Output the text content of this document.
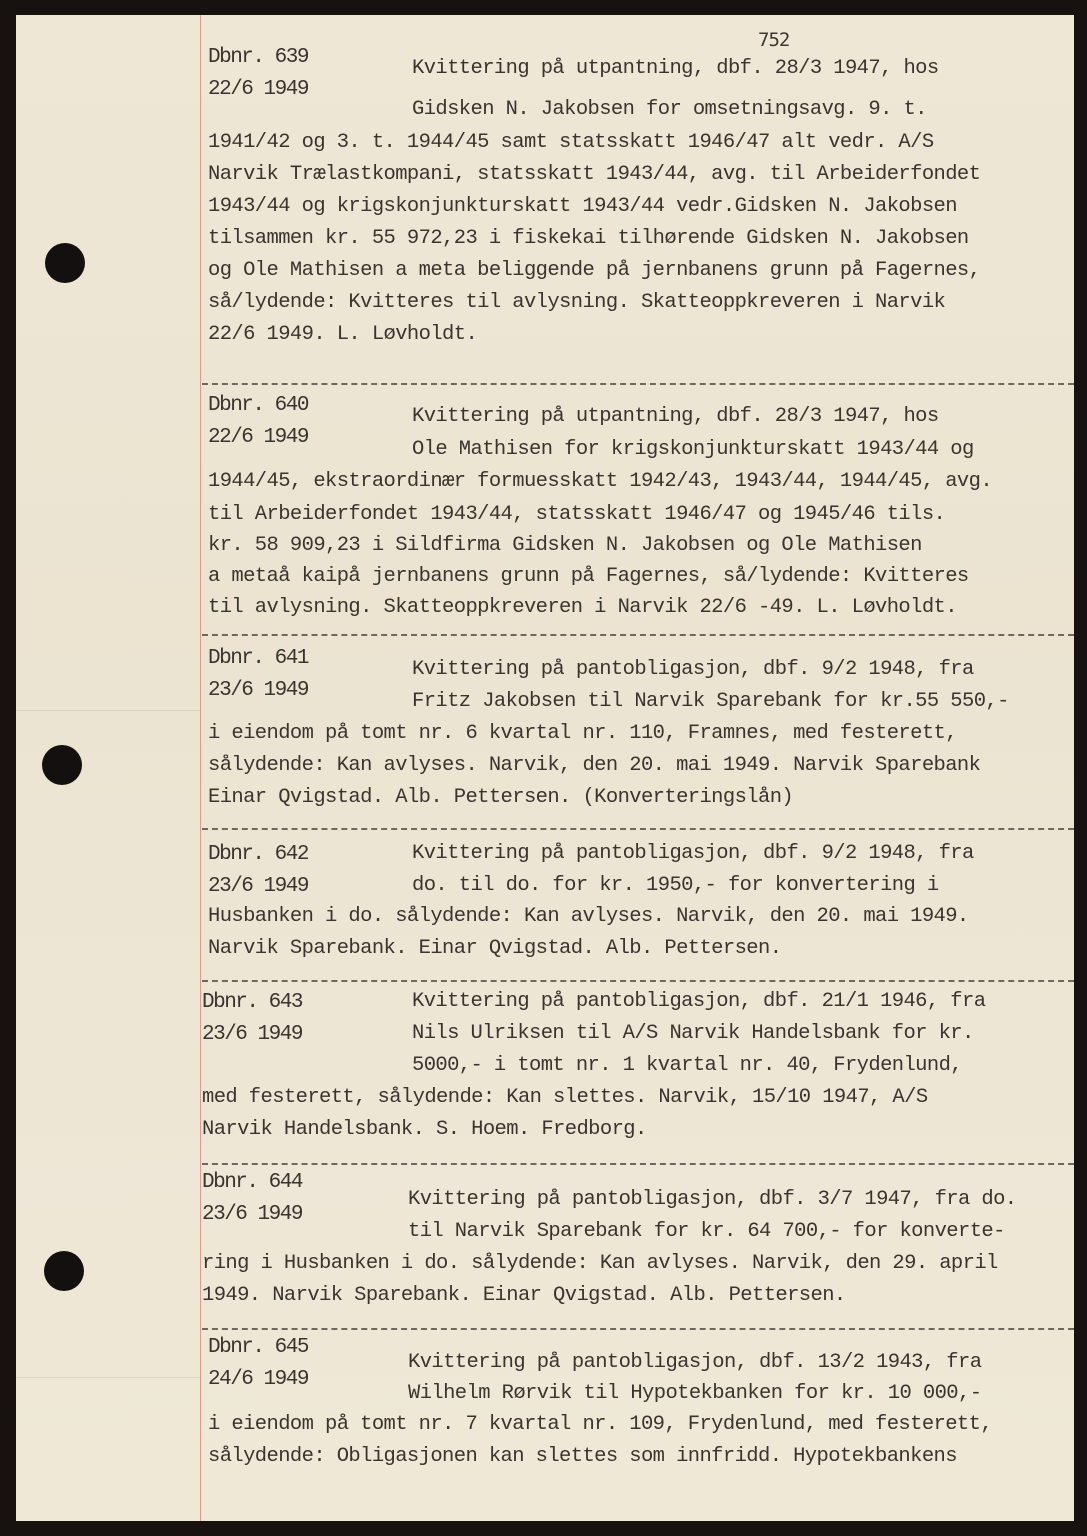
752
Dbnr. 639
22/6 1949
Kvittering på utpantning, dbf. 28/3 1947, hos
Gidsken N. Jakobsen for omsetningsavg. 9. t.
1941/42 og 3. t. 1944/45 samt statsskatt 1946/47 alt vedr. A/S
Narvik Trælastkompani, statsskatt 1943/44, avg. til Arbeiderfondet
1943/44 og krigskonjunkturskatt 1943/44 vedr.Gidsken N. Jakobsen
tilsammen kr. 55 972,23 i fiskekai tilhørende Gidsken N. Jakobsen
og Ole Mathisen a meta beliggende på jernbanens grunn på Fagernes,
så/lydende: Kvitteres til avlysning. Skatteoppkreveren i Narvik
22/6 1949. L. Løvholdt.
Dbnr. 640
22/6 1949
Kvittering på utpantning, dbf. 28/3 1947, hos
Ole Mathisen for krigskonjunkturskatt 1943/44 og
1944/45, ekstraordinær formuesskatt 1942/43, 1943/44, 1944/45, avg.
til Arbeiderfondet 1943/44, statsskatt 1946/47 og 1945/46 tils.
kr. 58 909,23 i Sildfirma Gidsken N. Jakobsen og Ole Mathisen
a metaå kaipå jernbanens grunn på Fagernes, så/lydende: Kvitteres
til avlysning. Skatteoppkreveren i Narvik 22/6 -49. L. Løvholdt.
Dbnr. 641
23/6 1949
Kvittering på pantobligasjon, dbf. 9/2 1948, fra
Fritz Jakobsen til Narvik Sparebank for kr.55 550,-
i eiendom på tomt nr. 6 kvartal nr. 110, Framnes, med festerett,
sålydende: Kan avlyses. Narvik, den 20. mai 1949. Narvik Sparebank
Einar Qvigstad. Alb. Pettersen. (Konverteringslån)
Dbnr. 642
23/6 1949
Kvittering på pantobligasjon, dbf. 9/2 1948, fra
do. til do. for kr. 1950,- for konvertering i
Husbanken i do. sålydende: Kan avlyses. Narvik, den 20. mai 1949.
Narvik Sparebank. Einar Qvigstad. Alb. Pettersen.
Dbnr. 643
23/6 1949
Kvittering på pantobligasjon, dbf. 21/1 1946, fra
Nils Ulriksen til A/S Narvik Handelsbank for kr.
5000,- i tomt nr. 1 kvartal nr. 40, Frydenlund,
med festerett, sålydende: Kan slettes. Narvik, 15/10 1947, A/S
Narvik Handelsbank. S. Hoem. Fredborg.
Dbnr. 644
23/6 1949
Kvittering på pantobligasjon, dbf. 3/7 1947, fra do.
til Narvik Sparebank for kr. 64 700,- for konverte-
ring i Husbanken i do. sålydende: Kan avlyses. Narvik, den 29. april
1949. Narvik Sparebank. Einar Qvigstad. Alb. Pettersen.
Dbnr. 645
24/6 1949
Kvittering på pantobligasjon, dbf. 13/2 1943, fra
Wilhelm Rørvik til Hypotekbanken for kr. 10 000,-
i eiendom på tomt nr. 7 kvartal nr. 109, Frydenlund, med festerett,
sålydende: Obligasjonen kan slettes som innfridd. Hypotekbankens
